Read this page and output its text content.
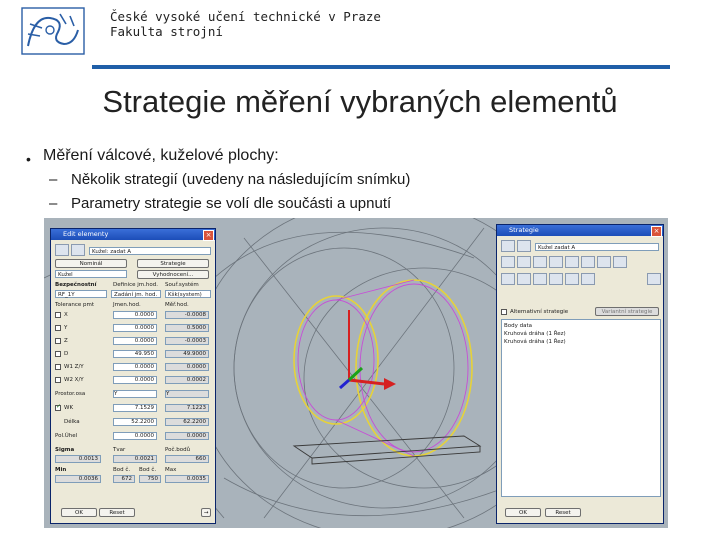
České vysoké učení technické v Praze
Fakulta strojní
Strategie měření vybraných elementů
• Měření válcové, kuželové plochy:
– Několik strategií (uvedeny na následujícím snímku)
– Parametry strategie se volí dle součásti a upnutí
Edit elementy	×
Kužel: zadat A
Nominál	Strategie
Kužel	Vyhodnocení...
Bezpečnostní	Definice jm.hod. Souř.systém
RF_1Y	Zadání jm. hod.	Kšk(system)
Tolerance pmt	Jmen.hod.	Měř.hod.
X	0.0000	-0.0008
Y	0.0000	0.5000
Z	0.0000	-0.0003
D	49.950	49.9000
W1 Z/Y	0.0000	0.0000
W2 X/Y	0.0000	0.0002
Prostor.osa	Y	Y
✓
WK	7.1529	7.1223
Délka	52.2200	62.2200
Pol.Úhel	0.0000	0.0000
Sigma	Tvar	Poč.bodů
0.0013	0.0021	660
Min	Bod č. Bod č. Max
0.0036	672	750	0.0035
OK	Reset	→
Strategie	×
Kužel zadat A
Alternativní strategie	Variantní strategie
Body data
Kruhová dráha (1 Řez)
Kruhová dráha (1 Řez)
OK	Reset
